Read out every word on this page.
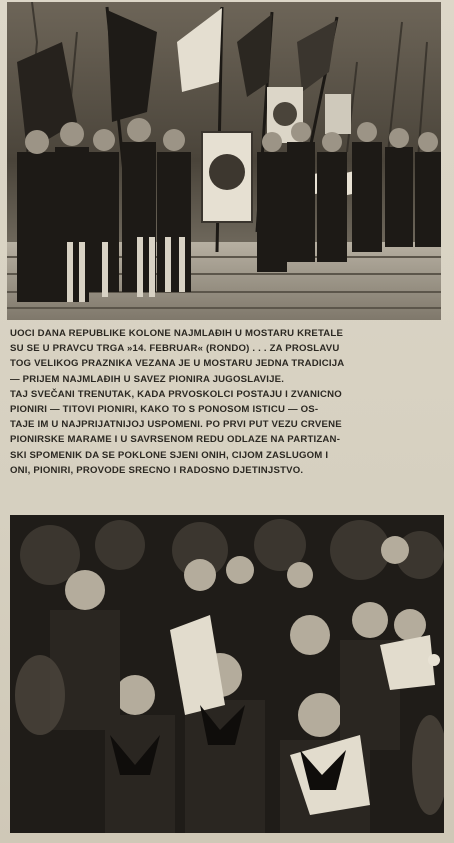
UOCI DANA REPUBLIKE KOLONE NAJMLAĐIH U MOSTARU KRETALE
SU SE U PRAVCU TRGA »14. FEBRUAR« (RONDO) . . . ZA PROSLAVU
TOG VELIKOG PRAZNIKA VEZANA JE U MOSTARU JEDNA TRADICIJA
— PRIJEM NAJMLAĐIH U SAVEZ PIONIRA JUGOSLAVIJE.

TAJ SVEČANI TRENUTAK, KADA PRVOSKOLCI POSTAJU I ZVANICNO
PIONIRI — TITOVI PIONIRI, KAKO TO S PONOSOM ISTICU — OS-
TAJE IM U NAJPRIJATNIJOJ USPOMENI. PO PRVI PUT VEZU CRVENE
PIONIRSKE MARAME I U SAVRSENOM REDU ODLAZE NA PARTIZAN-
SKI SPOMENIK DA SE POKLONE SJENI ONIH, CIJOM ZASLUGOM I
ONI, PIONIRI, PROVODE SRECNO I RADOSNO DJETINJSTVO.
